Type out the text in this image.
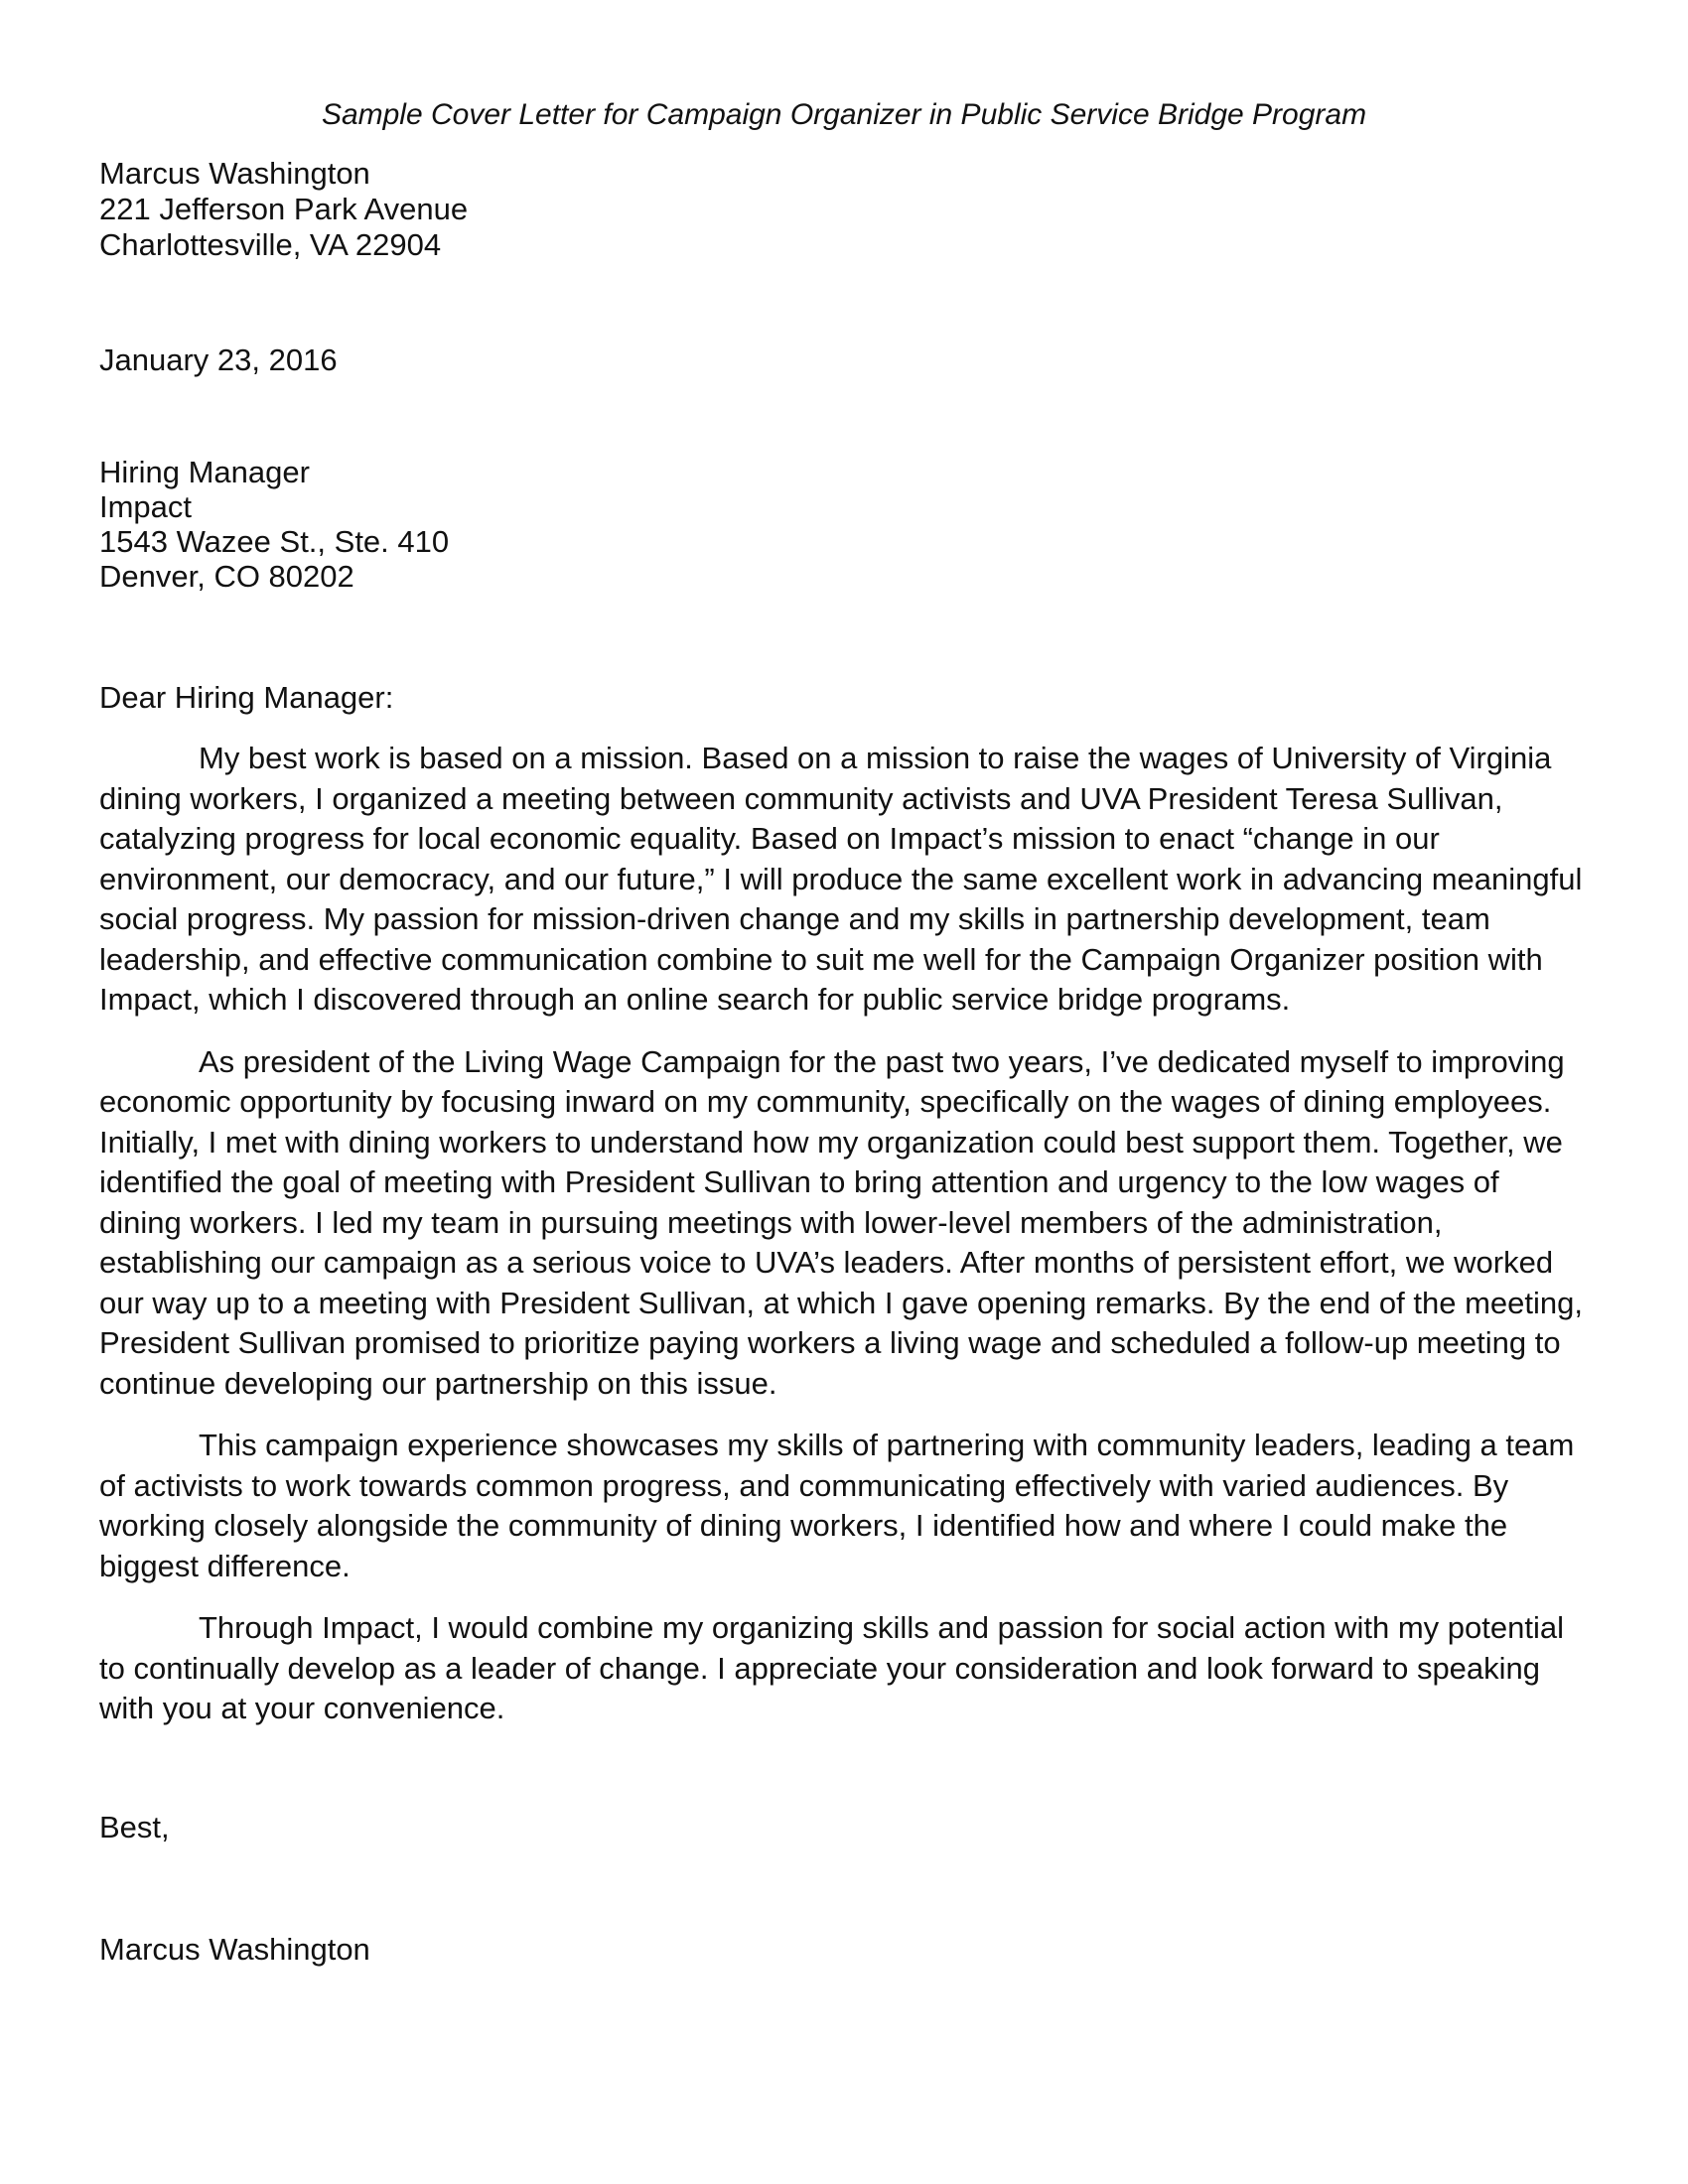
Sample Cover Letter for Campaign Organizer in Public Service Bridge Program
Marcus Washington
221 Jefferson Park Avenue
Charlottesville, VA 22904
January 23, 2016
Hiring Manager
Impact
1543 Wazee St., Ste. 410
Denver, CO 80202
Dear Hiring Manager:

My best work is based on a mission. Based on a mission to raise the wages of University of Virginia dining workers, I organized a meeting between community activists and UVA President Teresa Sullivan, catalyzing progress for local economic equality. Based on Impact’s mission to enact “change in our environment, our democracy, and our future,” I will produce the same excellent work in advancing meaningful social progress. My passion for mission-driven change and my skills in partnership development, team leadership, and effective communication combine to suit me well for the Campaign Organizer position with Impact, which I discovered through an online search for public service bridge programs.

As president of the Living Wage Campaign for the past two years, I’ve dedicated myself to improving economic opportunity by focusing inward on my community, specifically on the wages of dining employees. Initially, I met with dining workers to understand how my organization could best support them. Together, we identified the goal of meeting with President Sullivan to bring attention and urgency to the low wages of dining workers. I led my team in pursuing meetings with lower-level members of the administration, establishing our campaign as a serious voice to UVA’s leaders. After months of persistent effort, we worked our way up to a meeting with President Sullivan, at which I gave opening remarks. By the end of the meeting, President Sullivan promised to prioritize paying workers a living wage and scheduled a follow-up meeting to continue developing our partnership on this issue.

This campaign experience showcases my skills of partnering with community leaders, leading a team of activists to work towards common progress, and communicating effectively with varied audiences. By working closely alongside the community of dining workers, I identified how and where I could make the biggest difference.

Through Impact, I would combine my organizing skills and passion for social action with my potential to continually develop as a leader of change. I appreciate your consideration and look forward to speaking with you at your convenience.

Best,
Marcus Washington
